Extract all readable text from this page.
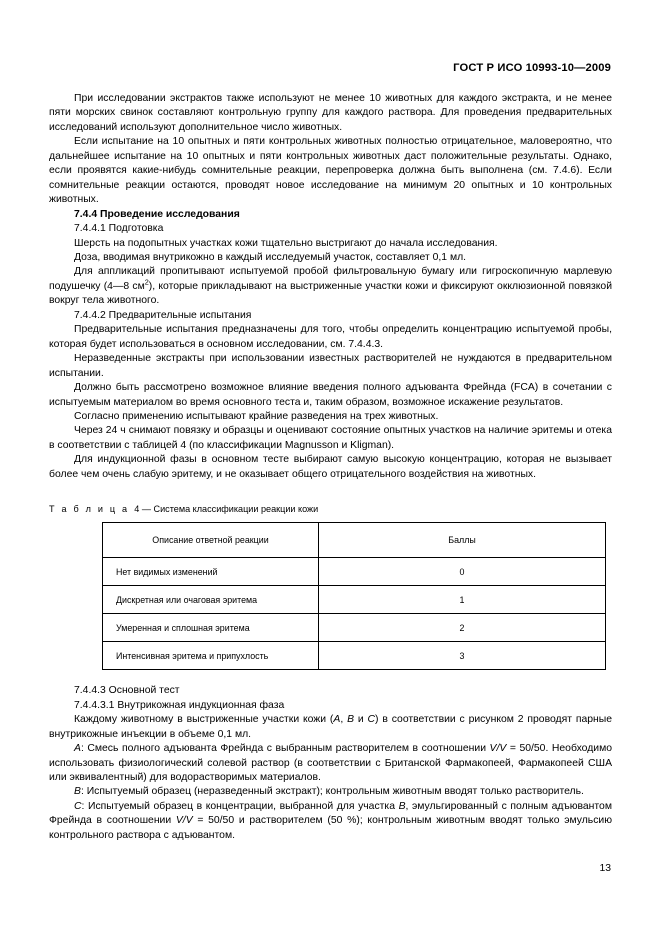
ГОСТ Р ИСО 10993-10—2009

При исследовании экстрактов также используют не менее 10 животных для каждого экстракта, и не менее пяти морских свинок составляют контрольную группу для каждого раствора. Для проведения предварительных исследований используют дополнительное число животных.

Если испытание на 10 опытных и пяти контрольных животных полностью отрицательное, маловероятно, что дальнейшее испытание на 10 опытных и пяти контрольных животных даст положительные результаты. Однако, если проявятся какие-нибудь сомнительные реакции, перепроверка должна быть выполнена (см. 7.4.6). Если сомнительные реакции остаются, проводят новое исследование на минимум 20 опытных и 10 контрольных животных.

7.4.4 Проведение исследования

7.4.4.1 Подготовка

Шерсть на подопытных участках кожи тщательно выстригают до начала исследования.

Доза, вводимая внутрикожно в каждый исследуемый участок, составляет 0,1 мл.

Для аппликаций пропитывают испытуемой пробой фильтровальную бумагу или гигроскопичную марлевую подушечку (4—8 $см^2$), которые прикладывают на выстриженные участки кожи и фиксируют окклюзионной повязкой вокруг тела животного.

7.4.4.2 Предварительные испытания

Предварительные испытания предназначены для того, чтобы определить концентрацию испытуемой пробы, которая будет использоваться в основном исследовании, см. 7.4.4.3.

Неразведенные экстракты при использовании известных растворителей не нуждаются в предварительном испытании.

Должно быть рассмотрено возможное влияние введения полного адъюванта Фрейнда (FCA) в сочетании с испытуемым материалом во время основного теста и, таким образом, возможное искажение результатов.

Согласно применению испытывают крайние разведения на трех животных.

Через 24 ч снимают повязку и образцы и оценивают состояние опытных участков на наличие эритемы и отека в соответствии с таблицей 4 (по классификации Magnusson и Kligman).

Для индукционной фазы в основном тесте выбирают самую высокую концентрацию, которая не вызывает более чем очень слабую эритему, и не оказывает общего отрицательного воздействия на животных.

Т а б л и ц а 4 — Система классификации реакции кожи

Описание ответной реакции	Баллы
Нет видимых изменений	0
Дискретная или очаговая эритема	1
Умеренная и сплошная эритема	2
Интенсивная эритема и припухлость	3

7.4.4.3 Основной тест

7.4.4.3.1 Внутрикожная индукционная фаза

Каждому животному в выстриженные участки кожи (A, B и C) в соответствии с рисунком 2 проводят парные внутрикожные инъекции в объеме 0,1 мл.

A: Смесь полного адъюванта Фрейнда с выбранным растворителем в соотношении V/V = 50/50. Необходимо использовать физиологический солевой раствор (в соответствии с Британской Фармакопеей, Фармакопеей США или эквивалентный) для водорастворимых материалов.

B: Испытуемый образец (неразведенный экстракт); контрольным животным вводят только растворитель.

C: Испытуемый образец в концентрации, выбранной для участка B, эмульгированный с полным адъювантом Фрейнда в соотношении V/V = 50/50 и растворителем (50 %); контрольным животным вводят только эмульсию контрольного раствора с адъювантом.

13
